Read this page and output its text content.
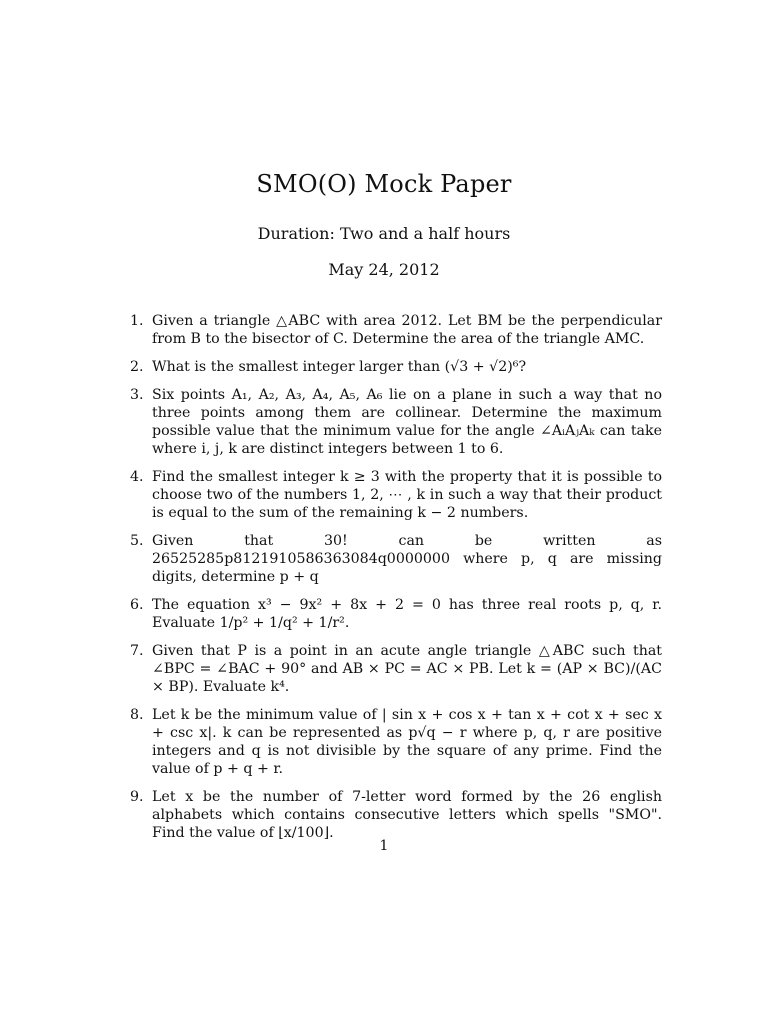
SMO(O) Mock Paper
Duration: Two and a half hours
May 24, 2012
1. Given a triangle △ABC with area 2012. Let BM be the perpendicular from B to the bisector of C. Determine the area of the triangle AMC.
2. What is the smallest integer larger than (√3 + √2)⁶?
3. Six points A₁, A₂, A₃, A₄, A₅, A₆ lie on a plane in such a way that no three points among them are collinear. Determine the maximum possible value that the minimum value for the angle ∠AᵢAⱼAₖ can take where i, j, k are distinct integers between 1 to 6.
4. Find the smallest integer k ≥ 3 with the property that it is possible to choose two of the numbers 1, 2, ⋯ , k in such a way that their product is equal to the sum of the remaining k − 2 numbers.
5. Given that 30! can be written as 26525285p8121910586363084q0000000 where p, q are missing digits, determine p + q
6. The equation x³ − 9x² + 8x + 2 = 0 has three real roots p, q, r. Evaluate 1/p² + 1/q² + 1/r².
7. Given that P is a point in an acute angle triangle △ABC such that ∠BPC = ∠BAC + 90° and AB × PC = AC × PB. Let k = (AP × BC)/(AC × BP). Evaluate k⁴.
8. Let k be the minimum value of | sin x + cos x + tan x + cot x + sec x + csc x|. k can be represented as p√q − r where p, q, r are positive integers and q is not divisible by the square of any prime. Find the value of p + q + r.
9. Let x be the number of 7-letter word formed by the 26 english alphabets which contains consecutive letters which spells "SMO". Find the value of ⌊x/100⌋.
1
